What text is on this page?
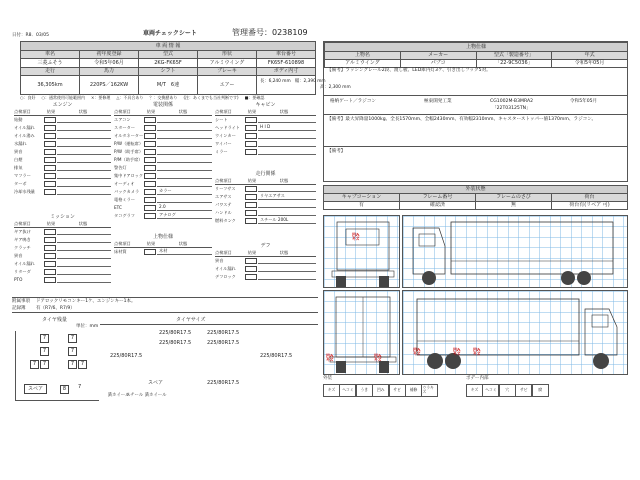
日付：R8．03/05	車両チェックシート	管理番号：0238109
車 両 情 報				
車名	初年度登録	型式	形状	車台番号
三菱ふそう	令和5年06月	2KG-FK65F	アルミウイング	FK65F-610898
走行	馬力	シフト	ブレーキ	ボディ内寸
36,305km	220PS／162KW	M/T　6速	エアー	長：6,240 mm　 幅：2,390 mm
高：2,300 mm
○：良好 ○：通常使用可能範囲内 ×：要修理 △：不具合あり ？：交換歴あり (注：あくまでも当社判断です) ■：要確認
エンジン
点検項目	結果	状態
始動
オイル漏れ
オイル滲み
水漏れ
異音
白煙
排気
マフラー
ターボ
冷却水残量
ミッション
点検項目	結果	状態
ギア抜け
ギア鳴き
クラッチ
異音
オイル漏れ
リターダ
PTO
電装関係
点検項目	結果	状態
エアコン
スターター
オルタネーター
P/W（運転席）
P/W（助手席）
P/M（助手席）
警告灯
集中ドアロック
オーディオ
バックカメラ	カラー
電格ミラー
ETC	2.0
タコグラフ	アナログ
上物仕様
点検項目	結果	状態
床材質	木材
キャビン
点検項目	結果	状態
シート
ヘッドライト	H I D
ウインカー
ワイパー
ミラー
走行関係
点検項目	結果	状態
リーフサス
エアサス	リヤエアサス
パワステ
ハンドル
燃料タンク	スチール 200L
デフ
点検項目	結果	状態
異音
オイル漏れ
デフロック
附属事項 ドアロックリモコンキー1ケ、エンジンキー1本。
記録簿 有（R7/6、R7/9）
タイヤ残量
単位：mm
7	7
7	7
7	7	7	7
スペア	8	7
タイヤサイズ
225/80R17.5	225/80R17.5
225/80R17.5	225/80R17.5
225/80R17.5	225/80R17.5
スペア	225/80R17.5
鉄ホイール
スチール 鉄ホイール
上物仕様			
上物名	メーカー	型式「製造番号」	年式
アルミウイング	パブコ	「22-9C5036」	令和5年05月
【備考】ラッシングレール2段、渡し板、LED庫内灯3ケ、引き出しフック5対。
格納ゲート／ラジコン	極東開発工業	CG1002M-B3MRA2
「22T03125TN」
令和5年05月
【備考】最大昇降量1000kg、全長1570mm、全幅2430mm、有効幅2310mm、キャスターストッパー値1370mm、ラジコン。
【備考】
外装状態			
キャブコーション	フレーム番号	フレームのさび	荷台
有	確認済	無	荷台有(リベア 可)
凹み
キズ
凹み
キズ
凹み
キズ
凹み
キズ
凹み
キズ
凹み
キズ
外装
キズ	ヘコミ	うき	凹み	サビ	補修	ウラキズ
ボデー内部
キズ	ヘコミ	穴	サビ	腐
